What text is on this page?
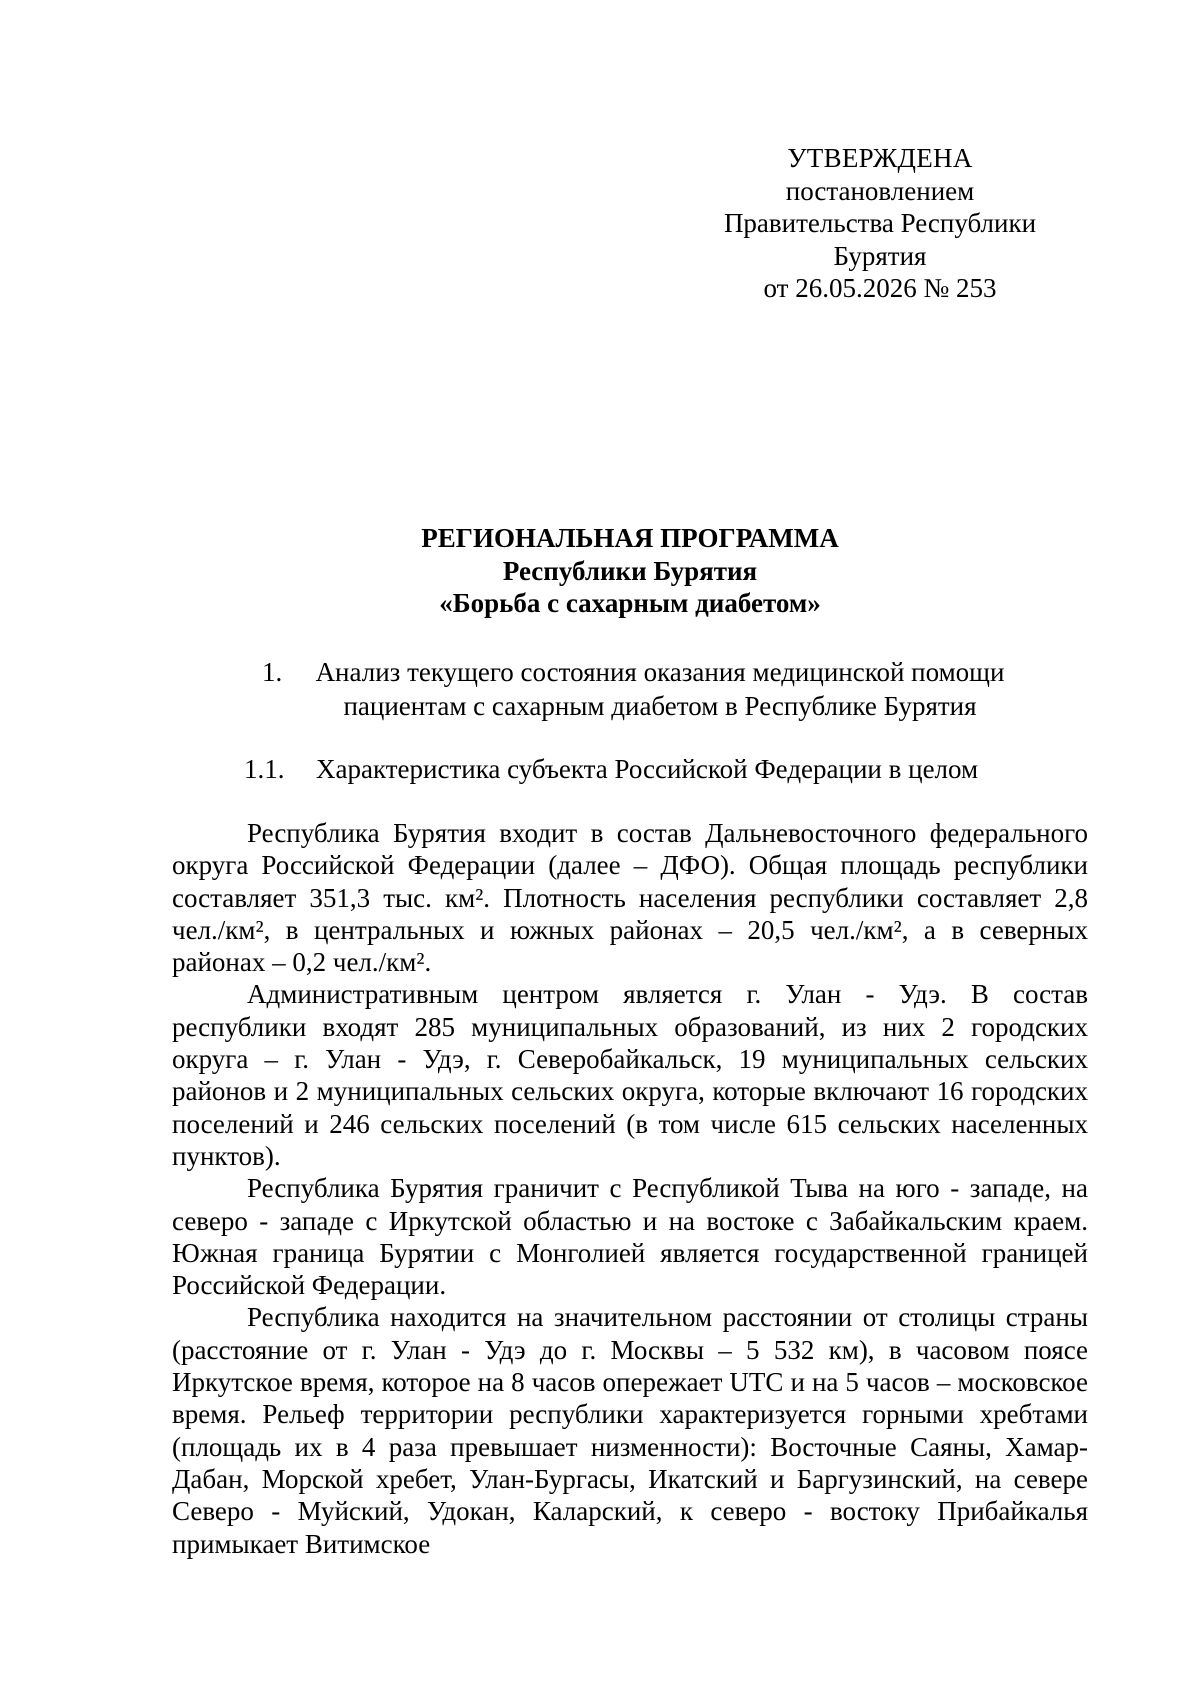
УТВЕРЖДЕНА
постановлением
Правительства Республики
Бурятия
от 26.05.2026 № 253
РЕГИОНАЛЬНАЯ ПРОГРАММА
Республики Бурятия
«Борьба с сахарным диабетом»
1.	Анализ текущего состояния оказания медицинской помощи пациентам с сахарным диабетом в Республике Бурятия
1.1. Характеристика субъекта Российской Федерации в целом

Республика Бурятия входит в состав Дальневосточного федерального округа Российской Федерации (далее – ДФО). Общая площадь республики составляет 351,3 тыс. км². Плотность населения республики составляет 2,8 чел./км², в центральных и южных районах – 20,5 чел./км², а в северных районах – 0,2 чел./км².

Административным центром является г. Улан - Удэ. В состав республики входят 285 муниципальных образований, из них 2 городских округа – г. Улан - Удэ, г. Северобайкальск, 19 муниципальных сельских районов и 2 муниципальных сельских округа, которые включают 16 городских поселений и 246 сельских поселений (в том числе 615 сельских населенных пунктов).

Республика Бурятия граничит с Республикой Тыва на юго - западе, на северо - западе с Иркутской областью и на востоке с Забайкальским краем. Южная граница Бурятии с Монголией является государственной границей Российской Федерации.

Республика находится на значительном расстоянии от столицы страны (расстояние от г. Улан - Удэ до г. Москвы – 5 532 км), в часовом поясе Иркутское время, которое на 8 часов опережает UTC и на 5 часов – московское время. Рельеф территории республики характеризуется горными хребтами (площадь их в 4 раза превышает низменности): Восточные Саяны, Хамар-Дабан, Морской хребет, Улан-Бургасы, Икатский и Баргузинский, на севере Северо - Муйский, Удокан, Каларский, к северо - востоку Прибайкалья примыкает Витимское
